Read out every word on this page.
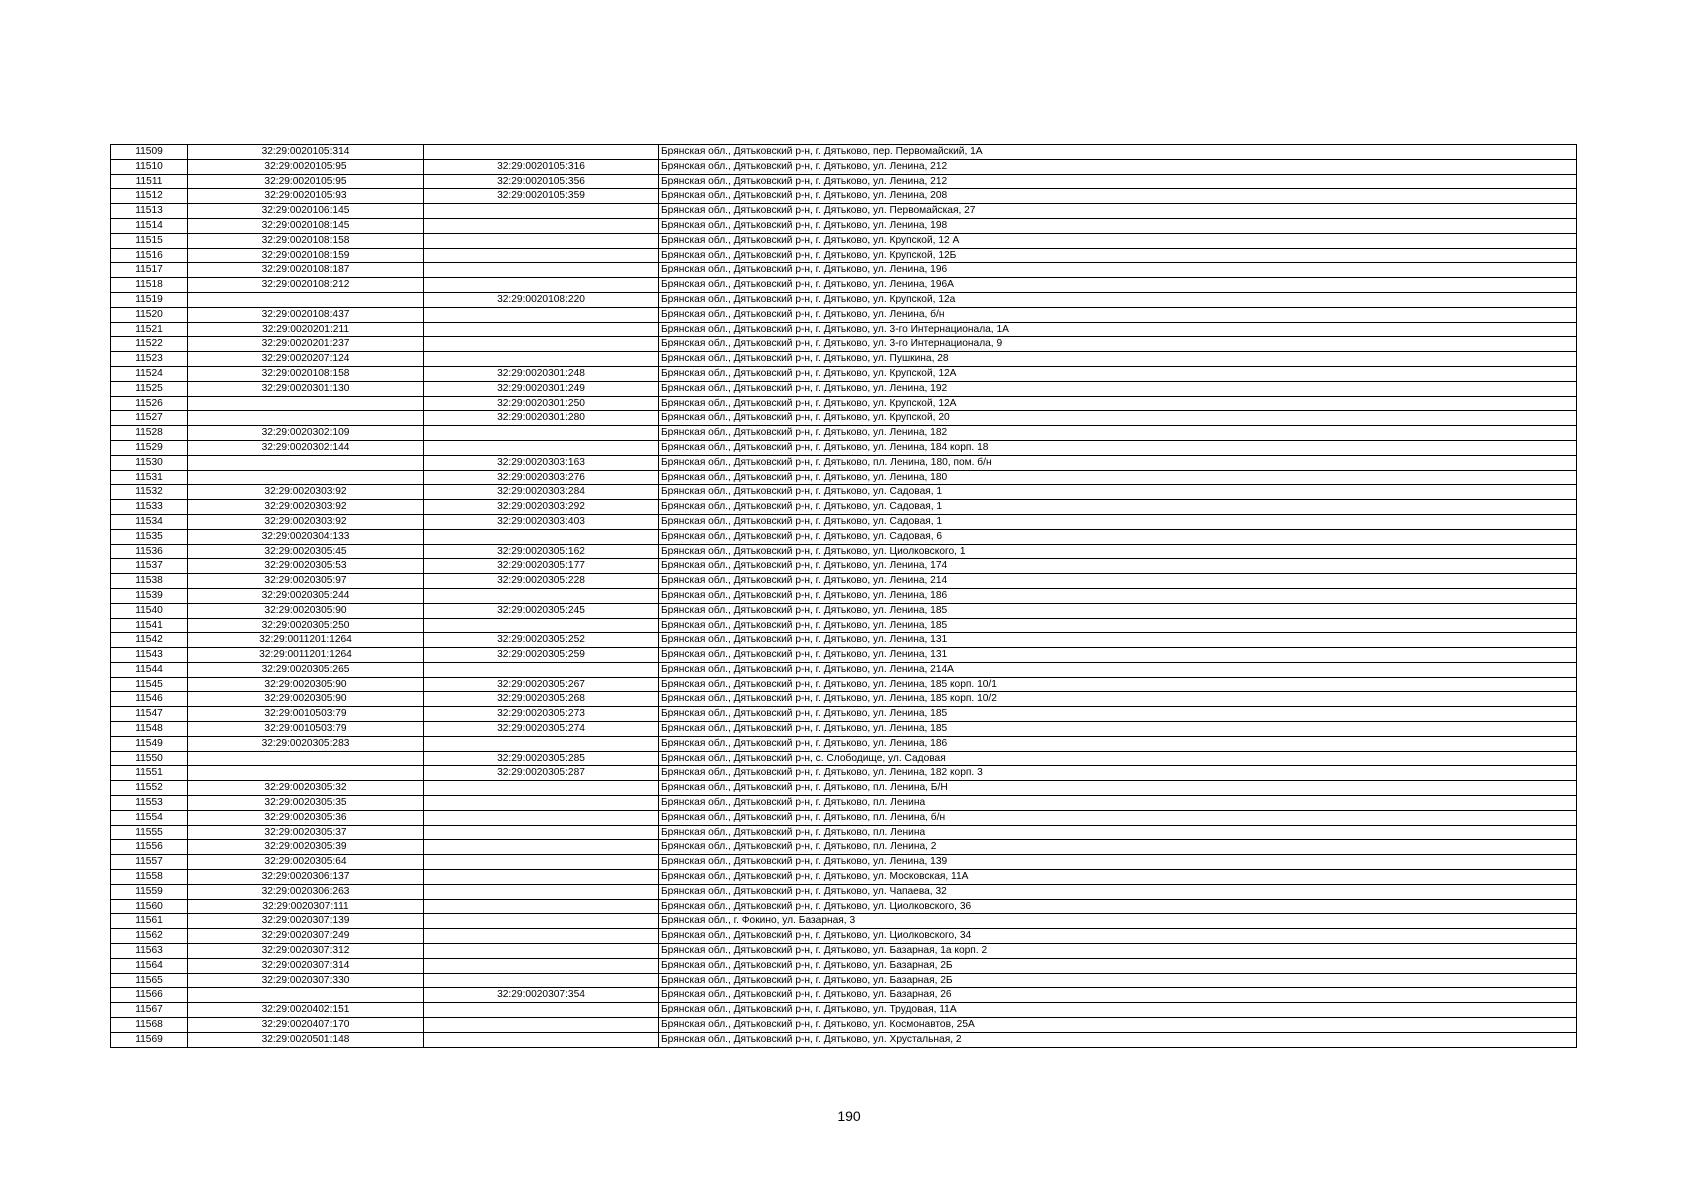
11509	32:29:0020105:314		Брянская обл., Дятьковский р-н, г. Дятьково, пер. Первомайский, 1А
11510	32:29:0020105:95	32:29:0020105:316	Брянская обл., Дятьковский р-н, г. Дятьково, ул. Ленина, 212
11511	32:29:0020105:95	32:29:0020105:356	Брянская обл., Дятьковский р-н, г. Дятьково, ул. Ленина, 212
11512	32:29:0020105:93	32:29:0020105:359	Брянская обл., Дятьковский р-н, г. Дятьково, ул. Ленина, 208
11513	32:29:0020106:145		Брянская обл., Дятьковский р-н, г. Дятьково, ул. Первомайская, 27
11514	32:29:0020108:145		Брянская обл., Дятьковский р-н, г. Дятьково, ул. Ленина, 198
11515	32:29:0020108:158		Брянская обл., Дятьковский р-н, г. Дятьково, ул. Крупской, 12 А
11516	32:29:0020108:159		Брянская обл., Дятьковский р-н, г. Дятьково, ул. Крупской, 12Б
11517	32:29:0020108:187		Брянская обл., Дятьковский р-н, г. Дятьково, ул. Ленина, 196
11518	32:29:0020108:212		Брянская обл., Дятьковский р-н, г. Дятьково, ул. Ленина, 196А
11519		32:29:0020108:220	Брянская обл., Дятьковский р-н, г. Дятьково, ул. Крупской, 12а
11520	32:29:0020108:437		Брянская обл., Дятьковский р-н, г. Дятьково, ул. Ленина, б/н
11521	32:29:0020201:211		Брянская обл., Дятьковский р-н, г. Дятьково, ул. 3-го Интернационала, 1А
11522	32:29:0020201:237		Брянская обл., Дятьковский р-н, г. Дятьково, ул. 3-го Интернационала, 9
11523	32:29:0020207:124		Брянская обл., Дятьковский р-н, г. Дятьково, ул. Пушкина, 28
11524	32:29:0020108:158	32:29:0020301:248	Брянская обл., Дятьковский р-н, г. Дятьково, ул. Крупской, 12А
11525	32:29:0020301:130	32:29:0020301:249	Брянская обл., Дятьковский р-н, г. Дятьково, ул. Ленина, 192
11526		32:29:0020301:250	Брянская обл., Дятьковский р-н, г. Дятьково, ул. Крупской, 12А
11527		32:29:0020301:280	Брянская обл., Дятьковский р-н, г. Дятьково, ул. Крупской, 20
11528	32:29:0020302:109		Брянская обл., Дятьковский р-н, г. Дятьково, ул. Ленина, 182
11529	32:29:0020302:144		Брянская обл., Дятьковский р-н, г. Дятьково, ул. Ленина, 184 корп. 18
11530		32:29:0020303:163	Брянская обл., Дятьковский р-н, г. Дятьково, пл. Ленина, 180, пом. б/н
11531		32:29:0020303:276	Брянская обл., Дятьковский р-н, г. Дятьково, ул. Ленина, 180
11532	32:29:0020303:92	32:29:0020303:284	Брянская обл., Дятьковский р-н, г. Дятьково, ул. Садовая, 1
11533	32:29:0020303:92	32:29:0020303:292	Брянская обл., Дятьковский р-н, г. Дятьково, ул. Садовая, 1
11534	32:29:0020303:92	32:29:0020303:403	Брянская обл., Дятьковский р-н, г. Дятьково, ул. Садовая, 1
11535	32:29:0020304:133		Брянская обл., Дятьковский р-н, г. Дятьково, ул. Садовая, 6
11536	32:29:0020305:45	32:29:0020305:162	Брянская обл., Дятьковский р-н, г. Дятьково, ул. Циолковского, 1
11537	32:29:0020305:53	32:29:0020305:177	Брянская обл., Дятьковский р-н, г. Дятьково, ул. Ленина, 174
11538	32:29:0020305:97	32:29:0020305:228	Брянская обл., Дятьковский р-н, г. Дятьково, ул. Ленина, 214
11539	32:29:0020305:244		Брянская обл., Дятьковский р-н, г. Дятьково, ул. Ленина, 186
11540	32:29:0020305:90	32:29:0020305:245	Брянская обл., Дятьковский р-н, г. Дятьково, ул. Ленина, 185
11541	32:29:0020305:250		Брянская обл., Дятьковский р-н, г. Дятьково, ул. Ленина, 185
11542	32:29:0011201:1264	32:29:0020305:252	Брянская обл., Дятьковский р-н, г. Дятьково, ул. Ленина, 131
11543	32:29:0011201:1264	32:29:0020305:259	Брянская обл., Дятьковский р-н, г. Дятьково, ул. Ленина, 131
11544	32:29:0020305:265		Брянская обл., Дятьковский р-н, г. Дятьково, ул. Ленина, 214А
11545	32:29:0020305:90	32:29:0020305:267	Брянская обл., Дятьковский р-н, г. Дятьково, ул. Ленина, 185 корп. 10/1
11546	32:29:0020305:90	32:29:0020305:268	Брянская обл., Дятьковский р-н, г. Дятьково, ул. Ленина, 185 корп. 10/2
11547	32:29:0010503:79	32:29:0020305:273	Брянская обл., Дятьковский р-н, г. Дятьково, ул. Ленина, 185
11548	32:29:0010503:79	32:29:0020305:274	Брянская обл., Дятьковский р-н, г. Дятьково, ул. Ленина, 185
11549	32:29:0020305:283		Брянская обл., Дятьковский р-н, г. Дятьково, ул. Ленина, 186
11550		32:29:0020305:285	Брянская обл., Дятьковский р-н, с. Слободище, ул. Садовая
11551		32:29:0020305:287	Брянская обл., Дятьковский р-н, г. Дятьково, ул. Ленина, 182 корп. 3
11552	32:29:0020305:32		Брянская обл., Дятьковский р-н, г. Дятьково, пл. Ленина, Б/Н
11553	32:29:0020305:35		Брянская обл., Дятьковский р-н, г. Дятьково, пл. Ленина
11554	32:29:0020305:36		Брянская обл., Дятьковский р-н, г. Дятьково, пл. Ленина, б/н
11555	32:29:0020305:37		Брянская обл., Дятьковский р-н, г. Дятьково, пл. Ленина
11556	32:29:0020305:39		Брянская обл., Дятьковский р-н, г. Дятьково, пл. Ленина, 2
11557	32:29:0020305:64		Брянская обл., Дятьковский р-н, г. Дятьково, ул. Ленина, 139
11558	32:29:0020306:137		Брянская обл., Дятьковский р-н, г. Дятьково, ул. Московская, 11А
11559	32:29:0020306:263		Брянская обл., Дятьковский р-н, г. Дятьково, ул. Чапаева, 32
11560	32:29:0020307:111		Брянская обл., Дятьковский р-н, г. Дятьково, ул. Циолковского, 36
11561	32:29:0020307:139		Брянская обл., г. Фокино, ул. Базарная, 3
11562	32:29:0020307:249		Брянская обл., Дятьковский р-н, г. Дятьково, ул. Циолковского, 34
11563	32:29:0020307:312		Брянская обл., Дятьковский р-н, г. Дятьково, ул. Базарная, 1а корп. 2
11564	32:29:0020307:314		Брянская обл., Дятьковский р-н, г. Дятьково, ул. Базарная, 2Б
11565	32:29:0020307:330		Брянская обл., Дятьковский р-н, г. Дятьково, ул. Базарная, 2Б
11566		32:29:0020307:354	Брянская обл., Дятьковский р-н, г. Дятьково, ул. Базарная, 26
11567	32:29:0020402:151		Брянская обл., Дятьковский р-н, г. Дятьково, ул. Трудовая, 11А
11568	32:29:0020407:170		Брянская обл., Дятьковский р-н, г. Дятьково, ул. Космонавтов, 25А
11569	32:29:0020501:148		Брянская обл., Дятьковский р-н, г. Дятьково, ул. Хрустальная, 2
190
